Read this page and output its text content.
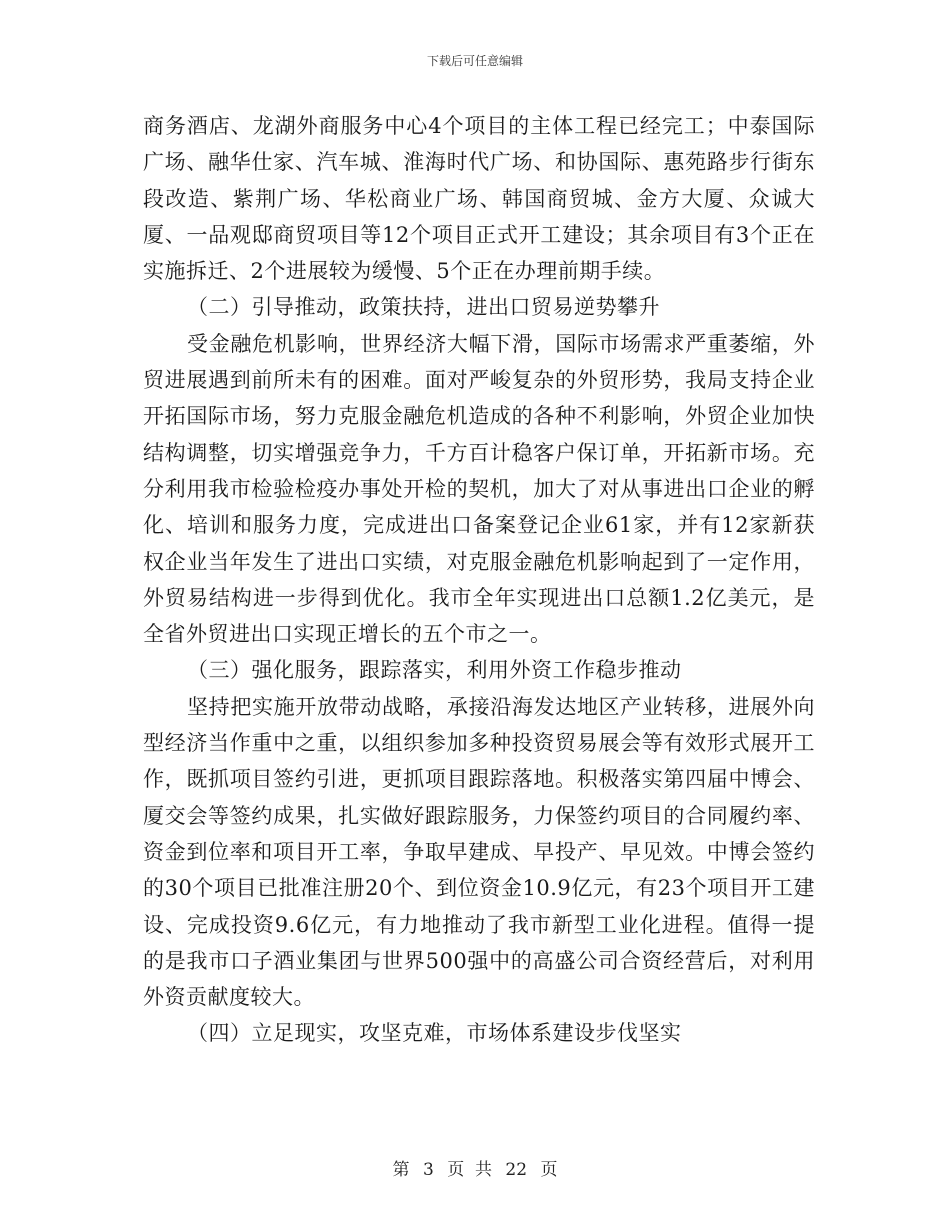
下载后可任意编辑

商务酒店、龙湖外商服务中心4个项目的主体工程已经完工；中泰国际广场、融华仕家、汽车城、淮海时代广场、和协国际、惠苑路步行街东段改造、紫荆广场、华松商业广场、韩国商贸城、金方大厦、众诚大厦、一品观邸商贸项目等12个项目正式开工建设；其余项目有3个正在实施拆迁、2个进展较为缓慢、5个正在办理前期手续。

（二）引导推动，政策扶持，进出口贸易逆势攀升

受金融危机影响，世界经济大幅下滑，国际市场需求严重萎缩，外贸进展遇到前所未有的困难。面对严峻复杂的外贸形势，我局支持企业开拓国际市场，努力克服金融危机造成的各种不利影响，外贸企业加快结构调整，切实增强竞争力，千方百计稳客户保订单，开拓新市场。充分利用我市检验检疫办事处开检的契机，加大了对从事进出口企业的孵化、培训和服务力度，完成进出口备案登记企业61家，并有12家新获权企业当年发生了进出口实绩，对克服金融危机影响起到了一定作用，外贸易结构进一步得到优化。我市全年实现进出口总额1.2亿美元，是全省外贸进出口实现正增长的五个市之一。

（三）强化服务，跟踪落实，利用外资工作稳步推动

坚持把实施开放带动战略，承接沿海发达地区产业转移，进展外向型经济当作重中之重，以组织参加多种投资贸易展会等有效形式展开工作，既抓项目签约引进，更抓项目跟踪落地。积极落实第四届中博会、厦交会等签约成果，扎实做好跟踪服务，力保签约项目的合同履约率、资金到位率和项目开工率，争取早建成、早投产、早见效。中博会签约的30个项目已批准注册20个、到位资金10.9亿元，有23个项目开工建设、完成投资9.6亿元，有力地推动了我市新型工业化进程。值得一提的是我市口子酒业集团与世界500强中的高盛公司合资经营后，对利用外资贡献度较大。

（四）立足现实，攻坚克难，市场体系建设步伐坚实

第 3 页  共 22 页
